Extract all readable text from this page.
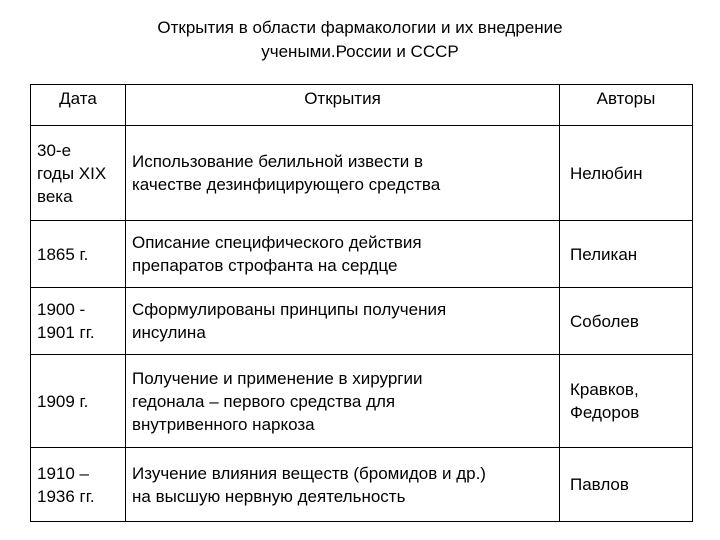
Открытия в области фармакологии и их внедрение
учеными.России и СССР
Дата	Открытия	Авторы

30-е
годы XIX
века	Использование белильной извести в
качестве дезинфицирующего средства	Нелюбин

1865 г.	Описание специфического действия
препаратов строфанта на сердце	Пеликан

1900 -
1901 гг.	Сформулированы принципы получения
инсулина	Соболев

1909 г.	Получение и применение в хирургии
гедонала – первого средства для
внутривенного наркоза	Кравков,
Федоров

1910 –
1936 гг.	Изучение влияния веществ (бромидов и др.)
на высшую нервную деятельность	Павлов
